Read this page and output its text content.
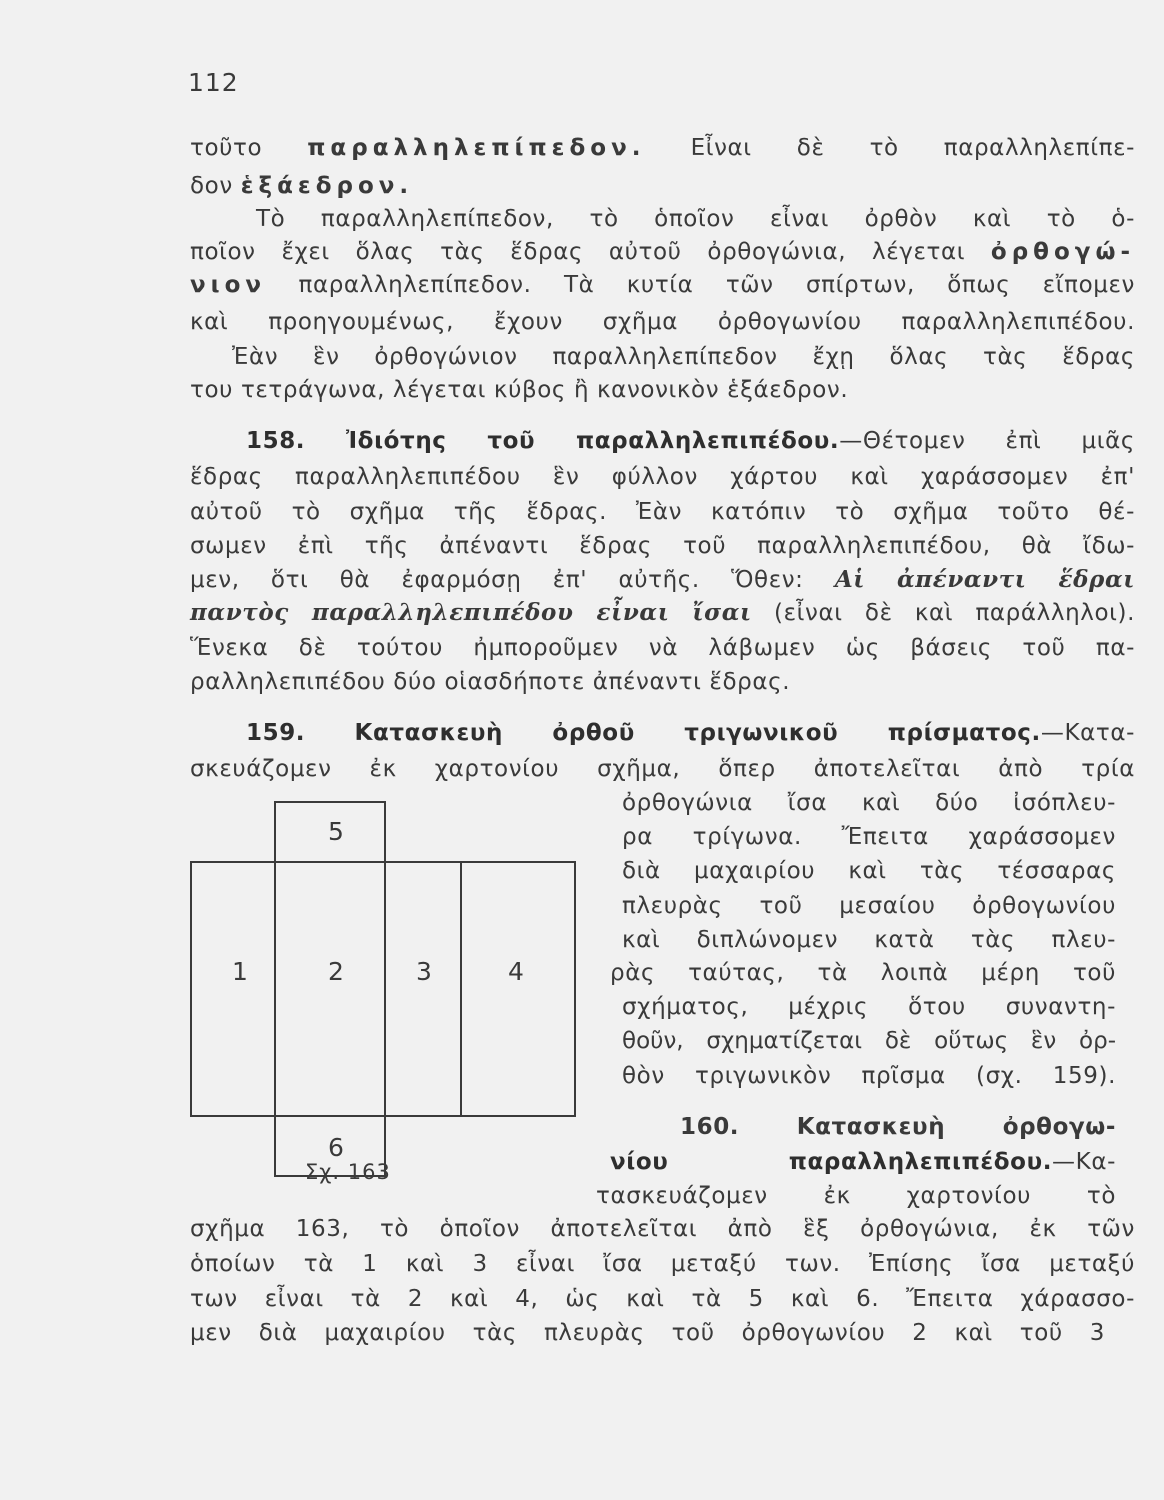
112
τοῦτο παραλληλεπίπεδον. Εἶναι δὲ τὸ παραλληλεπίπε-
δον ἑξάεδρον.
Τὸ παραλληλεπίπεδον, τὸ ὁποῖον εἶναι ὀρθὸν καὶ τὸ ὁ-
ποῖον ἔχει ὅλας τὰς ἕδρας αὐτοῦ ὀρθογώνια, λέγεται ὀρθογώ-
νιον παραλληλεπίπεδον. Τὰ κυτία τῶν σπίρτων, ὅπως εἴπομεν
καὶ προηγουμένως, ἔχουν σχῆμα ὀρθογωνίου παραλληλεπιπέδου.
Ἐὰν ἓν ὀρθογώνιον παραλληλεπίπεδον ἔχῃ ὅλας τὰς ἕδρας
του τετράγωνα, λέγεται κύβος ἢ κανονικὸν ἑξάεδρον.
158. Ἰδιότης τοῦ παραλληλεπιπέδου.—Θέτομεν ἐπὶ μιᾶς
ἕδρας παραλληλεπιπέδου ἓν φύλλον χάρτου καὶ χαράσσομεν ἐπ'
αὐτοῦ τὸ σχῆμα τῆς ἕδρας. Ἐὰν κατόπιν τὸ σχῆμα τοῦτο θέ-
σωμεν ἐπὶ τῆς ἀπέναντι ἕδρας τοῦ παραλληλεπιπέδου, θὰ ἴδω-
μεν, ὅτι θὰ ἐφαρμόσῃ ἐπ' αὐτῆς. Ὅθεν: Αἱ ἀπέναντι ἕδραι
παντὸς παραλληλεπιπέδου εἶναι ἴσαι (εἶναι δὲ καὶ παράλληλοι).
Ἕνεκα δὲ τούτου ἠμποροῦμεν νὰ λάβωμεν ὡς βάσεις τοῦ πα-
ραλληλεπιπέδου δύο οἱασδήποτε ἀπέναντι ἕδρας.
159. Κατασκευὴ ὀρθοῦ τριγωνικοῦ πρίσματος.—Κατα-
σκευάζομεν ἐκ χαρτονίου σχῆμα, ὅπερ ἀποτελεῖται ἀπὸ τρία
ὀρθογώνια ἴσα καὶ δύο ἰσόπλευ-
ρα τρίγωνα. Ἔπειτα χαράσσομεν
διὰ μαχαιρίου καὶ τὰς τέσσαρας
πλευρὰς τοῦ μεσαίου ὀρθογωνίου
καὶ διπλώνομεν κατὰ τὰς πλευ-
ρὰς ταύτας, τὰ λοιπὰ μέρη τοῦ
σχήματος, μέχρις ὅτου συναντη-
θοῦν, σχηματίζεται δὲ οὕτως ἓν ὀρ-
θὸν τριγωνικὸν πρῖσμα (σχ. 159).
160. Κατασκευὴ ὀρθογω-
νίου παραλληλεπιπέδου.—Κα-
τασκευάζομεν ἐκ χαρτονίου τὸ
σχῆμα 163, τὸ ὁποῖον ἀποτελεῖται ἀπὸ ἓξ ὀρθογώνια, ἐκ τῶν
ὁποίων τὰ 1 καὶ 3 εἶναι ἴσα μεταξύ των. Ἐπίσης ἴσα μεταξύ
των εἶναι τὰ 2 καὶ 4, ὡς καὶ τὰ 5 καὶ 6. Ἔπειτα χάρασσο-
μεν διὰ μαχαιρίου τὰς πλευρὰς τοῦ ὀρθογωνίου 2 καὶ τοῦ 3
1	2	3	4
5
6
Σχ. 163
